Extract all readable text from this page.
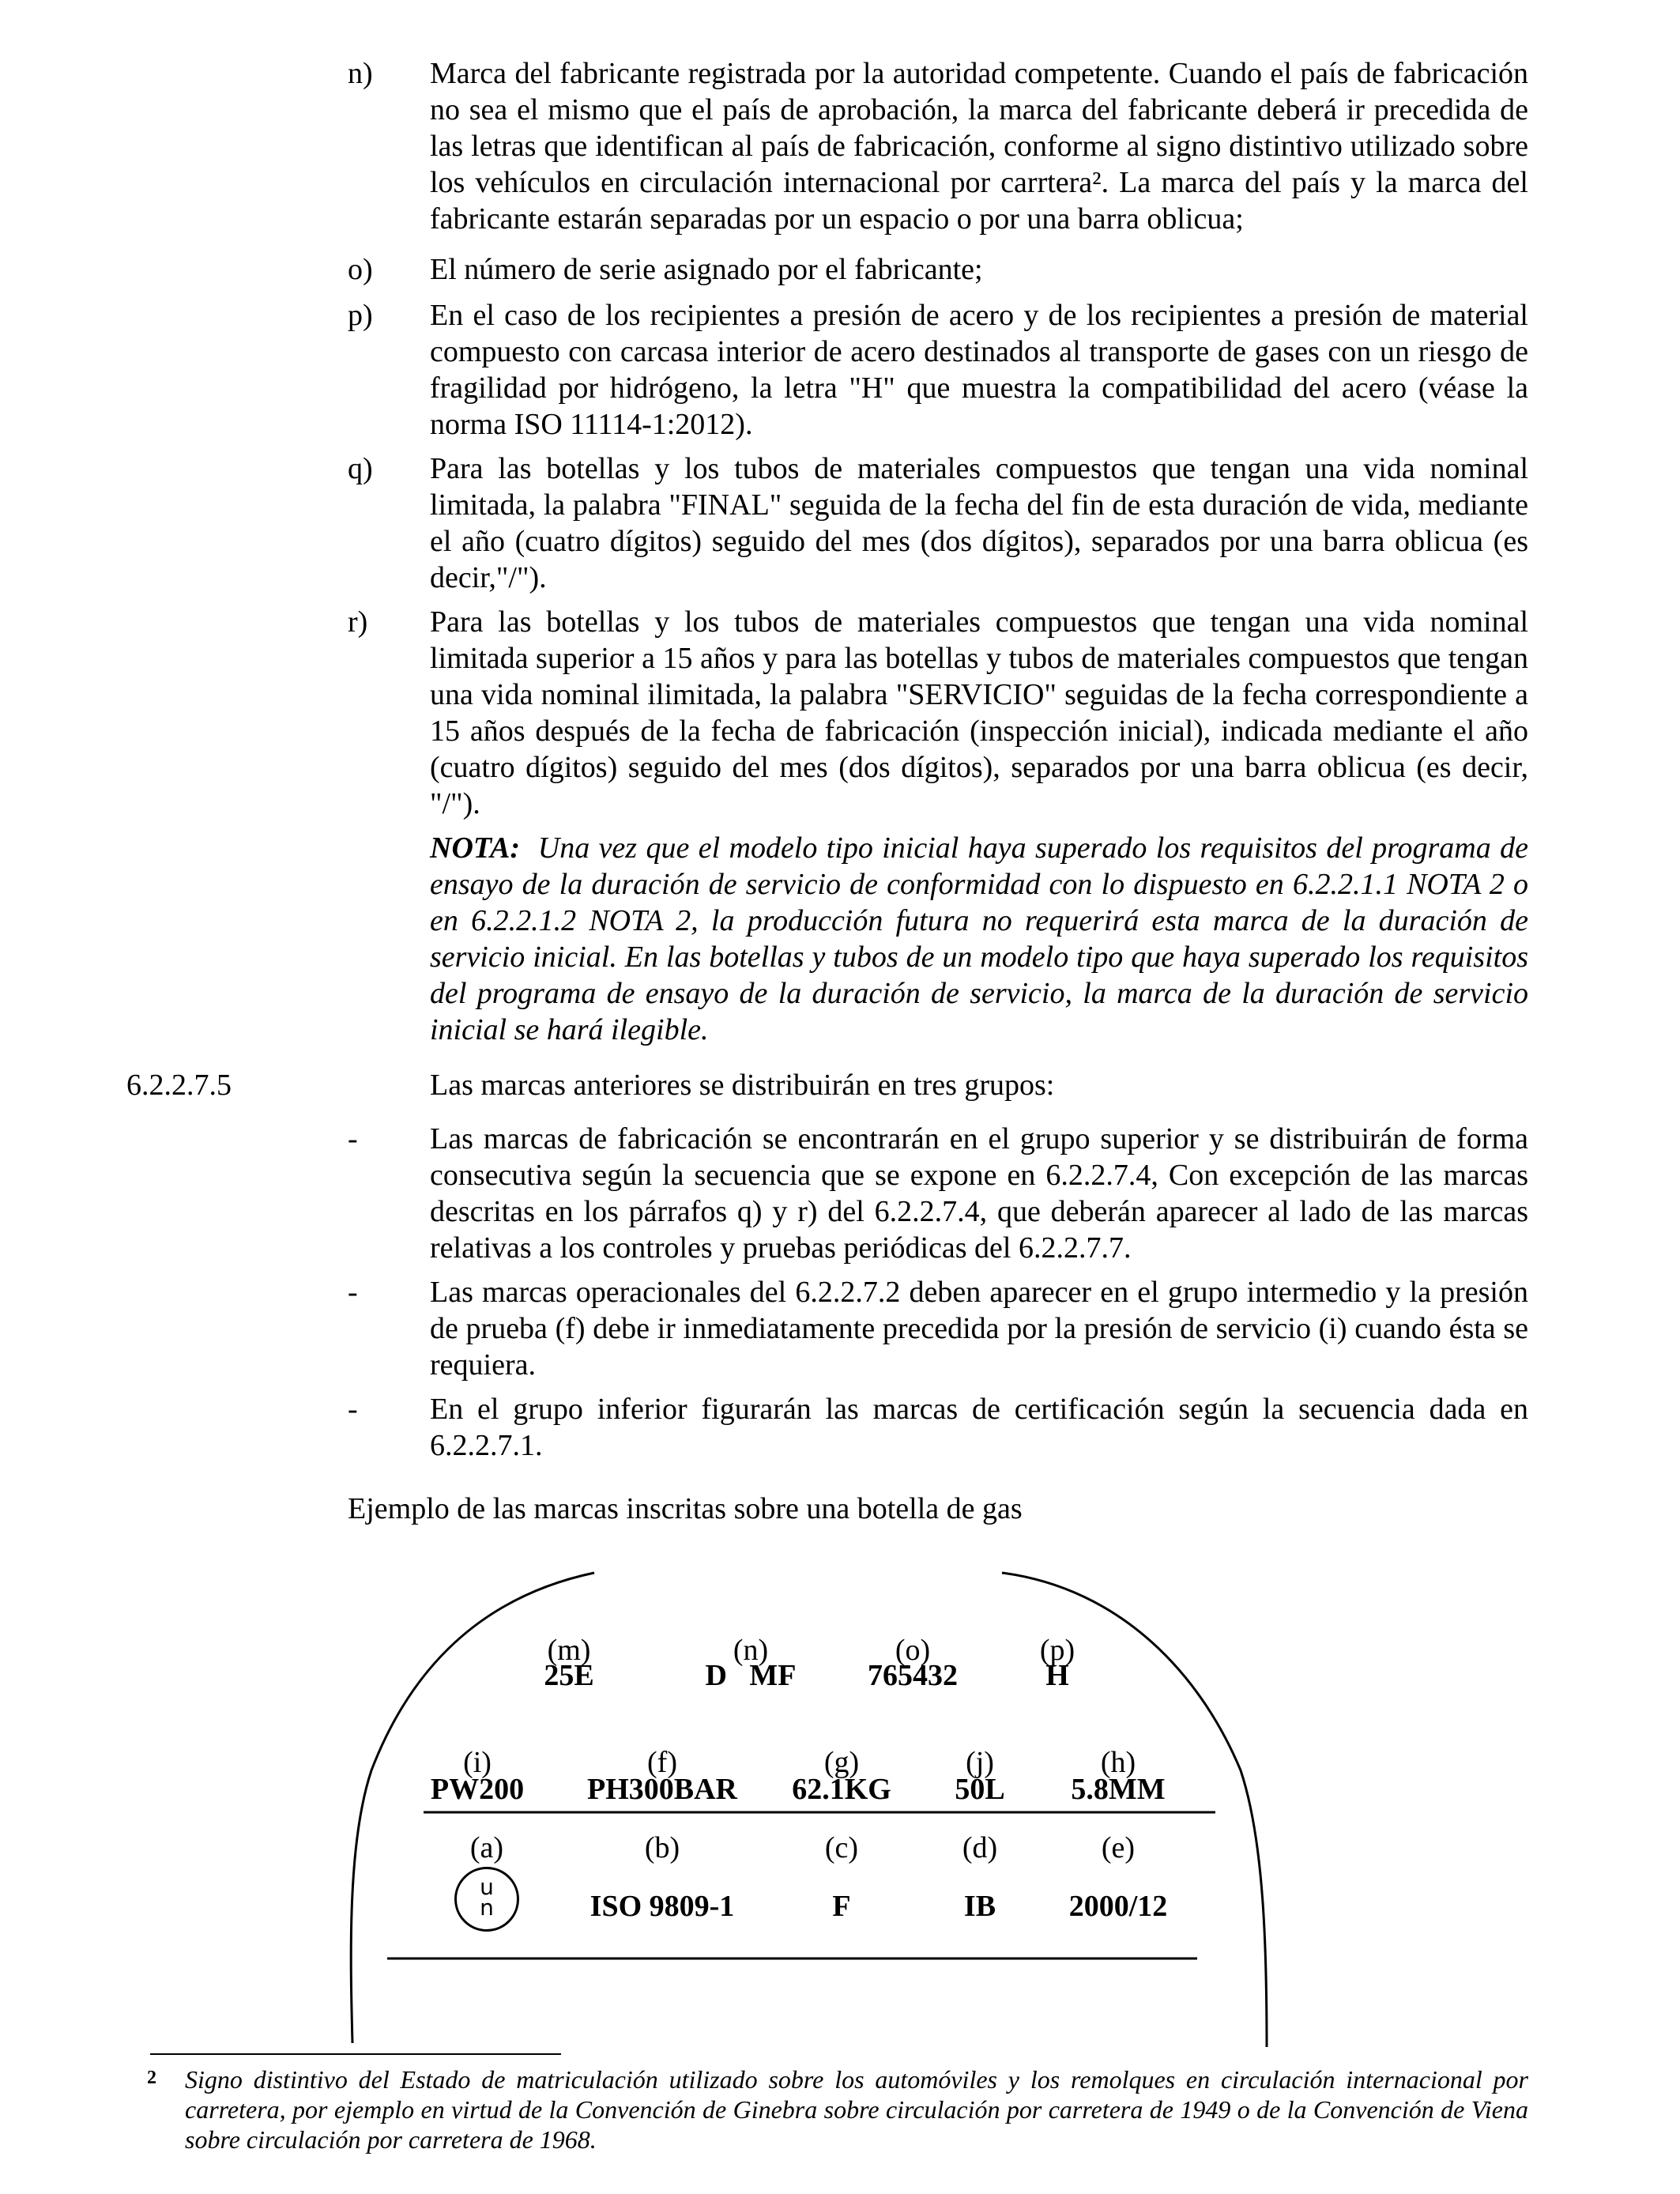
n) Marca del fabricante registrada por la autoridad competente. Cuando el país de fabricación no sea el mismo que el país de aprobación, la marca del fabricante deberá ir precedida de las letras que identifican al país de fabricación, conforme al signo distintivo utilizado sobre los vehículos en circulación internacional por carrtera². La marca del país y la marca del fabricante estarán separadas por un espacio o por una barra oblicua;
o) El número de serie asignado por el fabricante;
p) En el caso de los recipientes a presión de acero y de los recipientes a presión de material compuesto con carcasa interior de acero destinados al transporte de gases con un riesgo de fragilidad por hidrógeno, la letra "H" que muestra la compatibilidad del acero (véase la norma ISO 11114-1:2012).
q) Para las botellas y los tubos de materiales compuestos que tengan una vida nominal limitada, la palabra "FINAL" seguida de la fecha del fin de esta duración de vida, mediante el año (cuatro dígitos) seguido del mes (dos dígitos), separados por una barra oblicua (es decir,"/").
r) Para las botellas y los tubos de materiales compuestos que tengan una vida nominal limitada superior a 15 años y para las botellas y tubos de materiales compuestos que tengan una vida nominal ilimitada, la palabra "SERVICIO" seguidas de la fecha correspondiente a 15 años después de la fecha de fabricación (inspección inicial), indicada mediante el año (cuatro dígitos) seguido del mes (dos dígitos), separados por una barra oblicua (es decir, "/").
NOTA: Una vez que el modelo tipo inicial haya superado los requisitos del programa de ensayo de la duración de servicio de conformidad con lo dispuesto en 6.2.2.1.1 NOTA 2 o en 6.2.2.1.2 NOTA 2, la producción futura no requerirá esta marca de la duración de servicio inicial. En las botellas y tubos de un modelo tipo que haya superado los requisitos del programa de ensayo de la duración de servicio, la marca de la duración de servicio inicial se hará ilegible.
6.2.2.7.5	Las marcas anteriores se distribuirán en tres grupos:
- Las marcas de fabricación se encontrarán en el grupo superior y se distribuirán de forma consecutiva según la secuencia que se expone en 6.2.2.7.4, Con excepción de las marcas descritas en los párrafos q) y r) del 6.2.2.7.4, que deberán aparecer al lado de las marcas relativas a los controles y pruebas periódicas del 6.2.2.7.7.
- Las marcas operacionales del 6.2.2.7.2 deben aparecer en el grupo intermedio y la presión de prueba (f) debe ir inmediatamente precedida por la presión de servicio (i) cuando ésta se requiera.
- En el grupo inferior figurarán las marcas de certificación según la secuencia dada en 6.2.2.7.1.
Ejemplo de las marcas inscritas sobre una botella de gas
(m)
25E
(n)
D   MF
(o)
765432
(p)
H
(i)
PW200
(f)
PH300BAR
(g)
62.1KG
(j)
50L
(h)
5.8MM
(a)
u
n
(b)
ISO 9809-1
(c)
F
(d)
IB
(e)
2000/12
2 Signo distintivo del Estado de matriculación utilizado sobre los automóviles y los remolques en circulación internacional por carretera, por ejemplo en virtud de la Convención de Ginebra sobre circulación por carretera de 1949 o de la Convención de Viena sobre circulación por carretera de 1968.
